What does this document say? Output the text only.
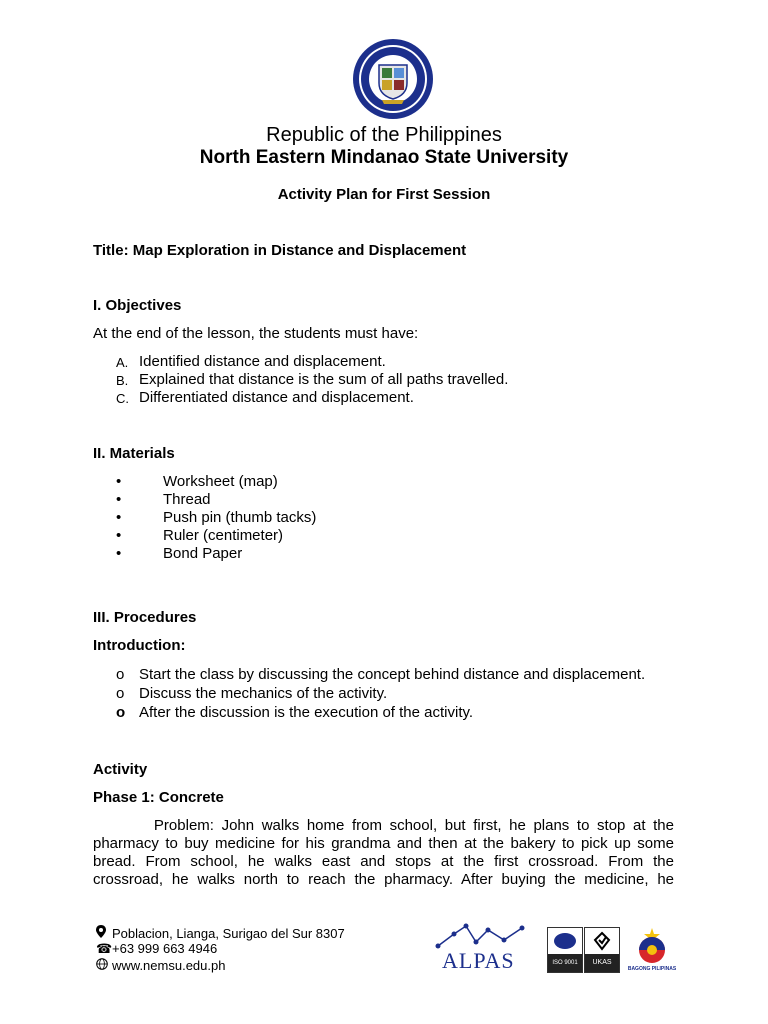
Republic of the Philippines
North Eastern Mindanao State University
Activity Plan for First Session
Title: Map Exploration in Distance and Displacement
I. Objectives
At the end of the lesson, the students must have:
A. Identified distance and displacement.
B. Explained that distance is the sum of all paths travelled.
C. Differentiated distance and displacement.
II. Materials
•	Worksheet (map)
•	Thread
•	Push pin (thumb tacks)
•	Ruler (centimeter)
•	Bond Paper
III. Procedures
Introduction:
o Start the class by discussing the concept behind distance and displacement.
o Discuss the mechanics of the activity.
o After the discussion is the execution of the activity.
Activity
Phase 1: Concrete
Problem: John walks home from school, but first, he plans to stop at the
pharmacy to buy medicine for his grandma and then at the bakery to pick up some
bread. From school, he walks east and stops at the first crossroad. From the
crossroad, he walks north to reach the pharmacy. After buying the medicine, he
Poblacion, Lianga, Surigao del Sur 8307
☎+63 999 663 4946
www.nemsu.edu.ph	ALPAS	ISO 9001	UKAS
BAGONG PILIPINAS
